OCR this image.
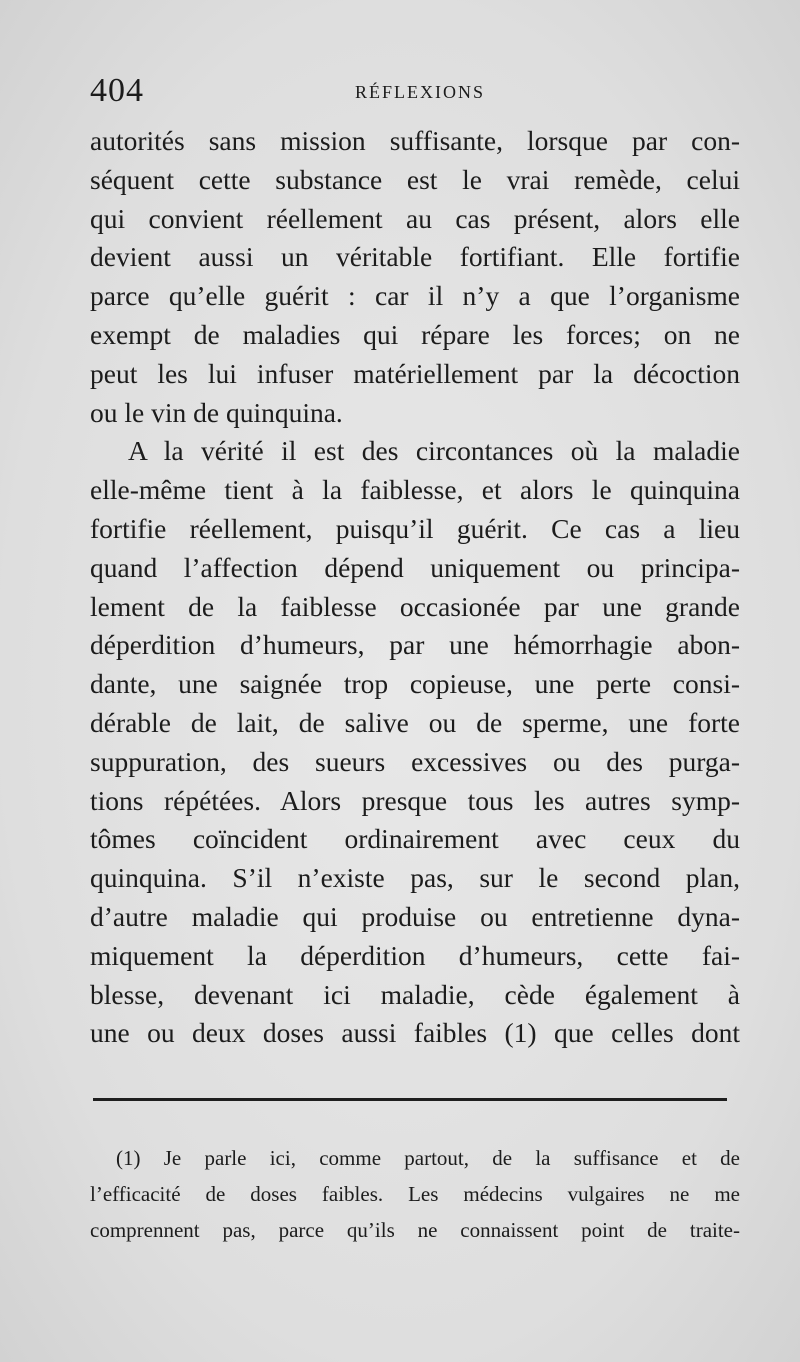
404	RÉFLEXIONS
autorités sans mission suffisante, lorsque par con-
séquent cette substance est le vrai remède, celui
qui convient réellement au cas présent, alors elle
devient aussi un véritable fortifiant. Elle fortifie
parce qu’elle guérit : car il n’y a que l’organisme
exempt de maladies qui répare les forces; on ne
peut les lui infuser matériellement par la décoction
ou le vin de quinquina.
A la vérité il est des circontances où la maladie
elle-même tient à la faiblesse, et alors le quinquina
fortifie réellement, puisqu’il guérit. Ce cas a lieu
quand l’affection dépend uniquement ou principa-
lement de la faiblesse occasionée par une grande
déperdition d’humeurs, par une hémorrhagie abon-
dante, une saignée trop copieuse, une perte consi-
dérable de lait, de salive ou de sperme, une forte
suppuration, des sueurs excessives ou des purga-
tions répétées. Alors presque tous les autres symp-
tômes coïncident ordinairement avec ceux du
quinquina. S’il n’existe pas, sur le second plan,
d’autre maladie qui produise ou entretienne dyna-
miquement la déperdition d’humeurs, cette fai-
blesse, devenant ici maladie, cède également à
une ou deux doses aussi faibles (1) que celles dont
(1) Je parle ici, comme partout, de la suffisance et de
l’efficacité de doses faibles. Les médecins vulgaires ne me
comprennent pas, parce qu’ils ne connaissent point de traite-
